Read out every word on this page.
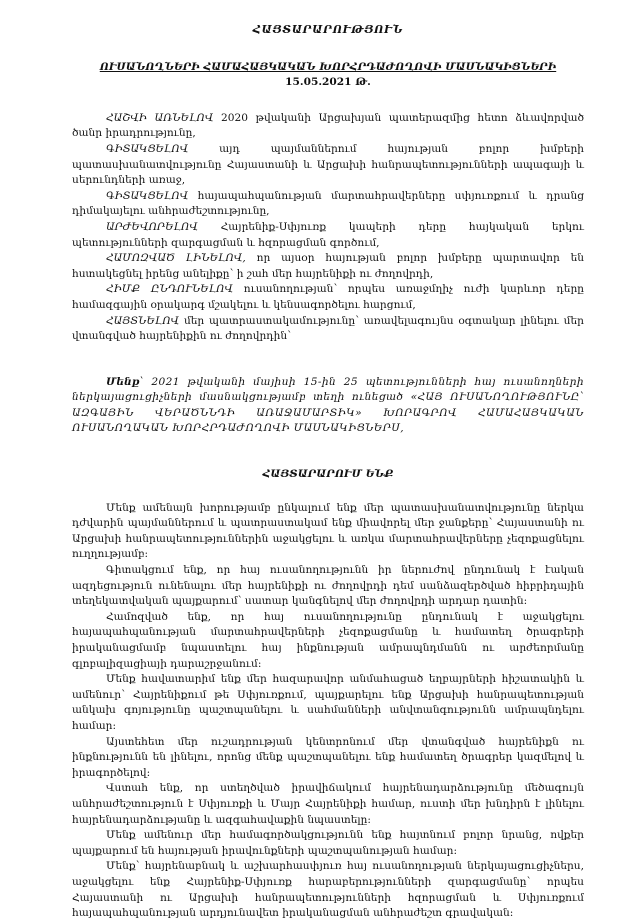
ՀԱՅՏԱՐԱՐՈՒԹՅՈՒՆ

ՈՒՍԱՆՈՂՆԵՐԻ ՀԱՄԱՀԱՅԿԱԿԱՆ ԽՈՐՀՐԴԱԺՈՂՈՎԻ ՄԱՍՆԱԿԻՑՆԵՐԻ

15.05.2021 Թ.

ՀԱՇՎԻ ԱՌՆԵԼՈՎ 2020 թվականի Արցախյան պատերազմից հետո ձևավորված ծանր իրադրությունը,

ԳԻՏԱԿՑԵԼՈՎ այդ պայմաններում հայության բոլոր խմբերի պատասխանատվությունը Հայաստանի և Արցախի հանրապետությունների ապագայի և սերունդների առաջ,

ԳԻՏԱԿՑԵԼՈՎ հայապահպանության մարտահրավերները սփյուռքում և դրանց դիմակայելու անհրաժեշտությունը,

ԱՐԺԵՎՈՐԵԼՈՎ Հայրենիք-Սփյուռք կապերի դերը հայկական երկու պետությունների զարգացման և հզորացման գործում,

ՀԱՄՈԶՎԱԾ ԼԻՆԵԼՈՎ, որ այսօր հայության բոլոր խմբերը պարտավոր են հստակեցնել իրենց անելիքը՝ ի շահ մեր հայրենիքի ու ժողովրդի,

ՀԻՄՔ ԸՆԴՈՒՆԵԼՈՎ ուսանողության՝ որպես առաջմղիչ ուժի կարևոր դերը համազգային օրակարգ մշակելու և կենսագործելու հարցում,

ՀԱՅՏՆԵԼՈՎ մեր պատրաստակամությունը՝ առավելագույնս օգտակար լինելու մեր վտանգված հայրենիքին ու ժողովրդին՝

Մենք՝ 2021 թվականի մայիսի 15-ին 25 պետությունների հայ ուսանողների ներկայացուցիչների մասնակցությամբ տեղի ունեցած «ՀԱՅ ՈՒՍԱՆՈՂՈՒԹՅՈՒՆԸ՝ ԱԶԳԱՅԻՆ ՎԵՐԱԾՆՆԴԻ ԱՌԱՋԱՄԱՐՏԻԿ» ԽՈՐԱԳՐՈՎ ՀԱՄԱՀԱՅԿԱԿԱՆ ՈՒՍԱՆՈՂԱԿԱՆ ԽՈՐՀՐԴԱԺՈՂՈՎԻ ՄԱՍՆԱԿԻՑՆԵՐՍ,

ՀԱՅՏԱՐԱՐՈՒՄ ԵՆՔ

Մենք ամենայն խորությամբ ընկալում ենք մեր պատասխանատվությունը ներկա դժվարին պայմաններում և պատրաստակամ ենք միավորել մեր ջանքերը՝ Հայաստանի ու Արցախի հանրապետություններին աջակցելու և առկա մարտահրավերները չեզոքացնելու ուղղությամբ:

Գիտակցում ենք, որ հայ ուսանողությունն իր ներուժով ընդունակ է էական ազդեցություն ունենալու մեր հայրենիքի ու ժողովրդի դեմ սանձազերծված հիբրիդային տեղեկատվական պայքարում՝ սատար կանգնելով մեր ժողովրդի արդար դատին:

Համոզված ենք, որ հայ ուսանողությունը ընդունակ է աջակցելու հայապահպանության մարտահրավերների չեզոքացմանը և համատեղ ծրագրերի իրականացմամբ նպաստելու հայ ինքնության ամրապնդմանն ու արժեորմանը գլոբալիզացիայի դարաշրջանում:

Մենք հավատարիմ ենք մեր հազարավոր անմահացած եղբայրների հիշատակին և ամենուր՝ Հայրենիքում թե Սփյուռքում, պայքարելու ենք Արցախի հանրապետության անկախ գոյությունը պաշտպանելու և սահմանների անվտանգությունն ամրապնդելու համար:

Այստեհետ մեր ուշադրության կենտրոնում մեր վտանգված հայրենիքն ու ինքնությունն են լինելու, որոնց մենք պաշտպանելու ենք համատեղ ծրագրեր կազմելով և իրագործելով:

Վստահ ենք, որ ստեղծված իրավիճակում հայրենադարձությունը մեծագույն անհրաժեշտություն է Սփյուռքի և Մայր Հայրենիքի համար, ուստի մեր խնդիրն է լինելու հայրենադարձությանը և ազգահավաքին նպաստելը:

Մենք ամենուր մեր համագործակցությունն ենք հայտնում բոլոր նրանց, ովքեր պայքարում են հայության իրավունքների պաշտպանության համար:

Մենք՝ հայրենաբնակ և աշխարհասփյուռ հայ ուսանողության ներկայացուցիչներս, աջակցելու ենք Հայրենիք-Սփյուռք հարաբերությունների զարգացմանը՝ որպես Հայաստանի ու Արցախի հանրապետությունների հզորացման և Սփյուռքում հայապահպանության արդյունավետ իրականացման անհրաժեշտ գրավական:
